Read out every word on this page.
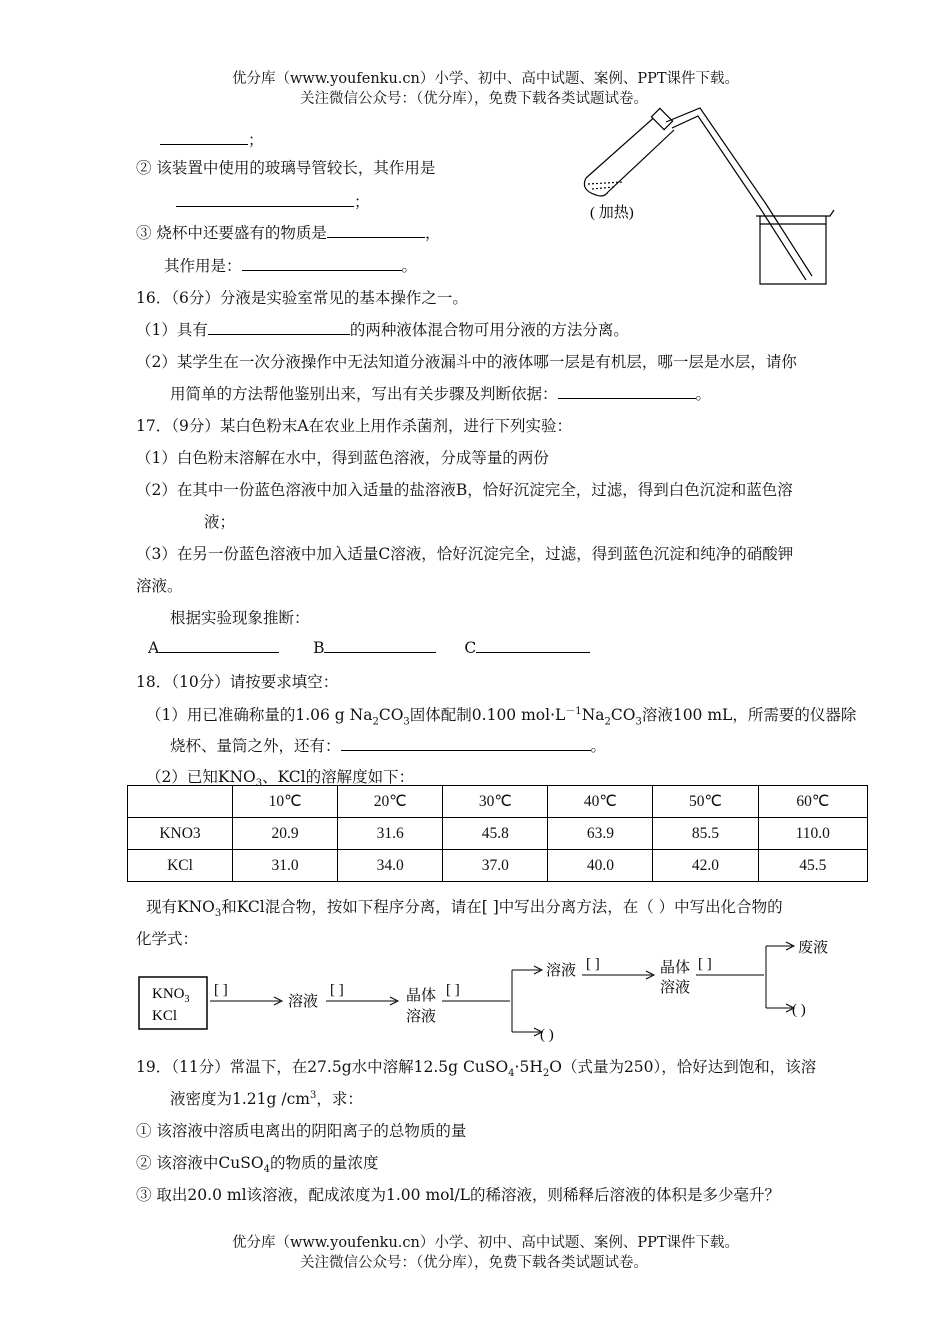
优分库（www.youfenku.cn）小学、初中、高中试题、案例、PPT课件下载。
关注微信公众号：（优分库），免费下载各类试题试卷。
；
② 该装置中使用的玻璃导管较长，其作用是
；
③ 烧杯中还要盛有的物质是	，
其作用是：	。
( 加热)
16．（6分）分液是实验室常见的基本操作之一。
（1）具有	的两种液体混合物可用分液的方法分离。
（2）某学生在一次分液操作中无法知道分液漏斗中的液体哪一层是有机层，哪一层是水层，请你
用简单的方法帮他鉴别出来，写出有关步骤及判断依据：	。
17．（9分）某白色粉末A在农业上用作杀菌剂，进行下列实验：
（1）白色粉末溶解在水中，得到蓝色溶液，分成等量的两份
（2）在其中一份蓝色溶液中加入适量的盐溶液B，恰好沉淀完全，过滤，得到白色沉淀和蓝色溶
液；
（3）在另一份蓝色溶液中加入适量C溶液，恰好沉淀完全，过滤，得到蓝色沉淀和纯净的硝酸钾
溶液。
根据实验现象推断：
A	B	C
18．（10分）请按要求填空：
（1）用已准确称量的1.06 g $Na_2CO_3$固体配制0.100 $mol\cdot L^{-1}Na_2CO_3$溶液100 mL，所需要的仪器除
烧杯、量筒之外，还有：	。
（2）已知$KNO_3$、KCl的溶解度如下：
	10℃	20℃	30℃	40℃	50℃	60℃
KNO3	20.9	31.6	45.8	63.9	85.5	110.0
KCl	31.0	34.0	37.0	40.0	42.0	45.5
现有$KNO_3$和KCl混合物，按如下程序分离，请在[ ]中写出分离方法，在（ ）中写出化合物的
化学式：
$KNO_3$
KCl
[ ]
溶液
[ ]	晶体
溶液
[ ]
溶液
( )
[ ]	晶体
溶液
[ ]
废液
( )
19．（11分）常温下，在27.5g水中溶解12.5g $CuSO_4\cdot 5H_2O$（式量为250），恰好达到饱和，该溶
液密度为1.21g $/cm^3$，求：
① 该溶液中溶质电离出的阴阳离子的总物质的量
② 该溶液中CuSO$_4$的物质的量浓度
③ 取出20.0 ml该溶液，配成浓度为1.00 mol/L的稀溶液，则稀释后溶液的体积是多少毫升？
优分库（www.youfenku.cn）小学、初中、高中试题、案例、PPT课件下载。
关注微信公众号：（优分库），免费下载各类试题试卷。
